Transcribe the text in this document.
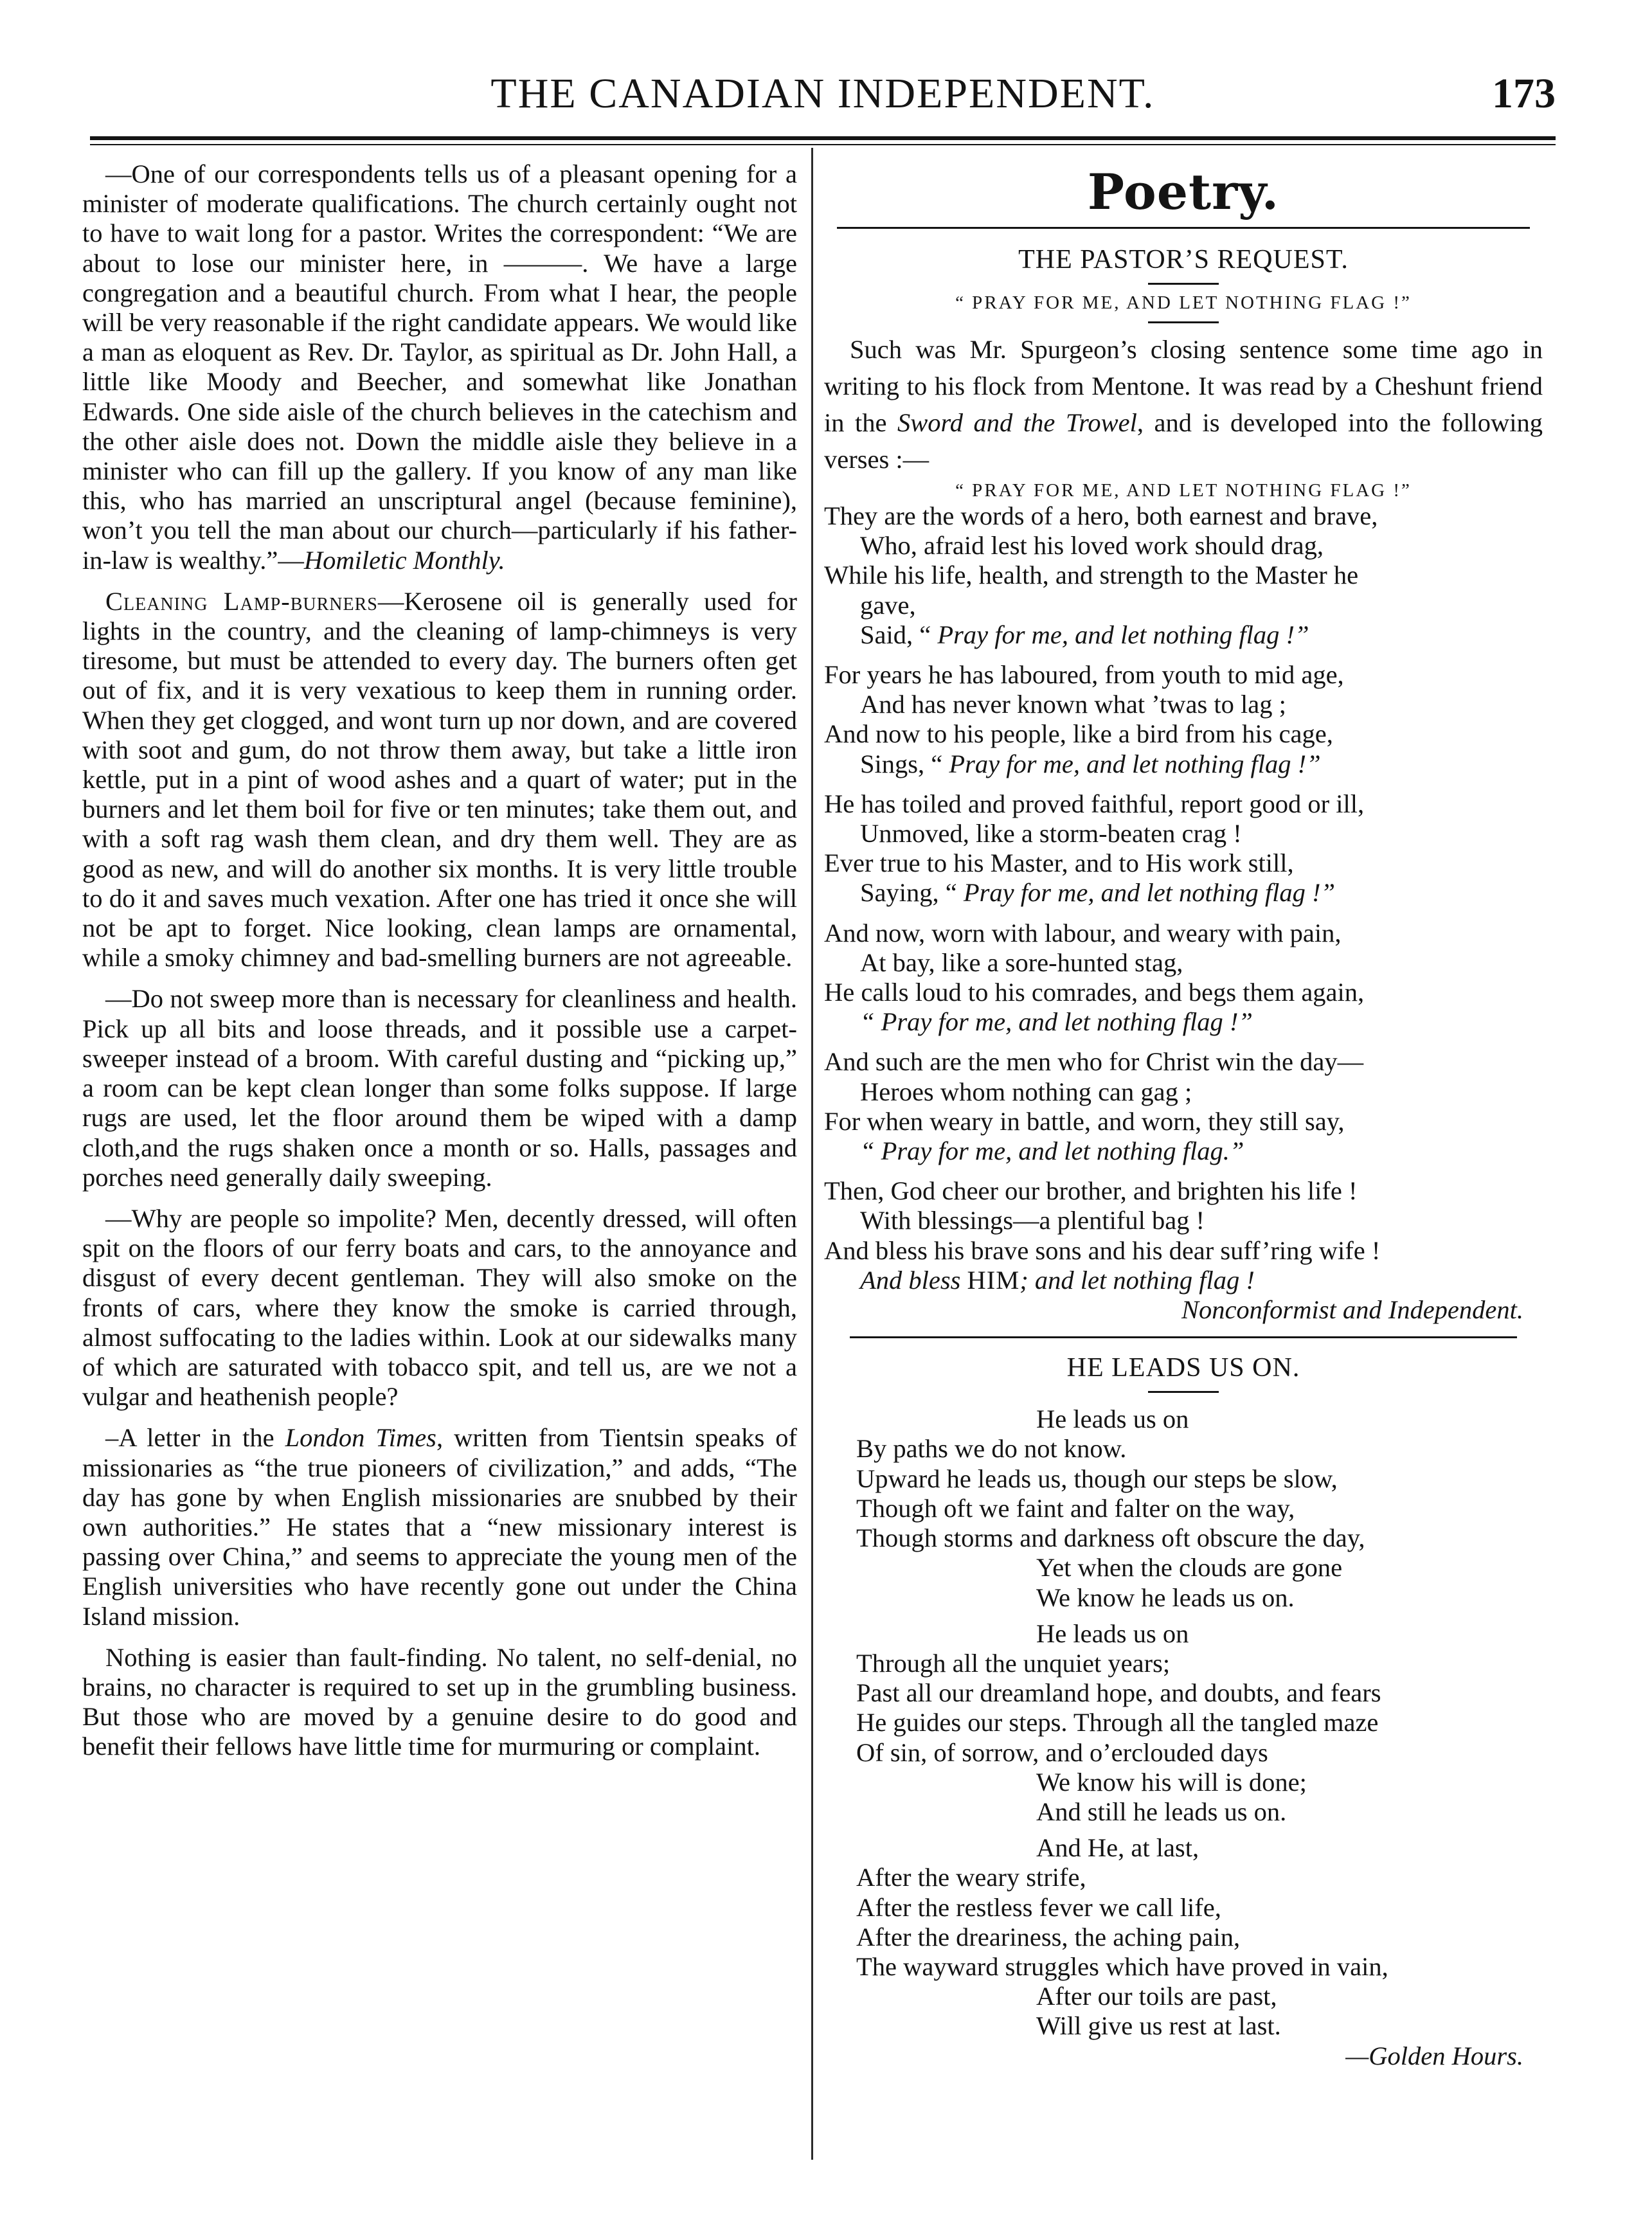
THE CANADIAN INDEPENDENT.	173

—One of our correspondents tells us of a pleasant opening for a minister of moderate qualifications. The church certainly ought not to have to wait long for a pastor. Writes the correspondent: “We are about to lose our minister here, in ———. We have a large congregation and a beautiful church. From what I hear, the people will be very reasonable if the right candidate appears. We would like a man as eloquent as Rev. Dr. Taylor, as spiritual as Dr. John Hall, a little like Moody and Beecher, and somewhat like Jonathan Edwards. One side aisle of the church believes in the catechism and the other aisle does not. Down the middle aisle they believe in a minister who can fill up the gallery. If you know of any man like this, who has married an unscriptural angel (because feminine), won’t you tell the man about our church—particularly if his father-in-law is wealthy.”—Homiletic Monthly.

Cleaning Lamp-burners—Kerosene oil is generally used for lights in the country, and the cleaning of lamp-chimneys is very tiresome, but must be attended to every day. The burners often get out of fix, and it is very vexatious to keep them in running order. When they get clogged, and wont turn up nor down, and are covered with soot and gum, do not throw them away, but take a little iron kettle, put in a pint of wood ashes and a quart of water; put in the burners and let them boil for five or ten minutes; take them out, and with a soft rag wash them clean, and dry them well. They are as good as new, and will do another six months. It is very little trouble to do it and saves much vexation. After one has tried it once she will not be apt to forget. Nice looking, clean lamps are ornamental, while a smoky chimney and bad-smelling burners are not agreeable.

—Do not sweep more than is necessary for cleanliness and health. Pick up all bits and loose threads, and it possible use a carpet-sweeper instead of a broom. With careful dusting and “picking up,” a room can be kept clean longer than some folks suppose. If large rugs are used, let the floor around them be wiped with a damp cloth,and the rugs shaken once a month or so. Halls, passages and porches need generally daily sweeping.

—Why are people so impolite? Men, decently dressed, will often spit on the floors of our ferry boats and cars, to the annoyance and disgust of every decent gentleman. They will also smoke on the fronts of cars, where they know the smoke is carried through, almost suffocating to the ladies within. Look at our sidewalks many of which are saturated with tobacco spit, and tell us, are we not a vulgar and heathenish people?

–A letter in the London Times, written from Tientsin speaks of missionaries as “the true pioneers of civilization,” and adds, “The day has gone by when English missionaries are snubbed by their own authorities.” He states that a “new missionary interest is passing over China,” and seems to appreciate the young men of the English universities who have recently gone out under the China Island mission.

Nothing is easier than fault-finding. No talent, no self-denial, no brains, no character is required to set up in the grumbling business. But those who are moved by a genuine desire to do good and benefit their fellows have little time for murmuring or complaint.

Poetry.
THE PASTOR’S REQUEST.
“ PRAY FOR ME, AND LET NOTHING FLAG !”

Such was Mr. Spurgeon’s closing sentence some time ago in writing to his flock from Mentone. It was read by a Cheshunt friend in the Sword and the Trowel, and is developed into the following verses :—

“ PRAY FOR ME, AND LET NOTHING FLAG !”
They are the words of a hero, both earnest and brave,
Who, afraid lest his loved work should drag,
While his life, health, and strength to the Master he
gave,
Said, “ Pray for me, and let nothing flag !”
For years he has laboured, from youth to mid age,
And has never known what ’twas to lag ;
And now to his people, like a bird from his cage,
Sings, “ Pray for me, and let nothing flag !”
He has toiled and proved faithful, report good or ill,
Unmoved, like a storm-beaten crag !
Ever true to his Master, and to His work still,
Saying, “ Pray for me, and let nothing flag !”
And now, worn with labour, and weary with pain,
At bay, like a sore-hunted stag,
He calls loud to his comrades, and begs them again,
“ Pray for me, and let nothing flag !”
And such are the men who for Christ win the day—
Heroes whom nothing can gag ;
For when weary in battle, and worn, they still say,
“ Pray for me, and let nothing flag.”
Then, God cheer our brother, and brighten his life !
With blessings—a plentiful bag !
And bless his brave sons and his dear suff’ring wife !
And bless HIM; and let nothing flag !
Nonconformist and Independent.
HE LEADS US ON.
He leads us on
By paths we do not know.
Upward he leads us, though our steps be slow,
Though oft we faint and falter on the way,
Though storms and darkness oft obscure the day,
Yet when the clouds are gone
We know he leads us on.
He leads us on
Through all the unquiet years;
Past all our dreamland hope, and doubts, and fears
He guides our steps. Through all the tangled maze
Of sin, of sorrow, and o’erclouded days
We know his will is done;
And still he leads us on.
And He, at last,
After the weary strife,
After the restless fever we call life,
After the dreariness, the aching pain,
The wayward struggles which have proved in vain,
After our toils are past,
Will give us rest at last.
—Golden Hours.
